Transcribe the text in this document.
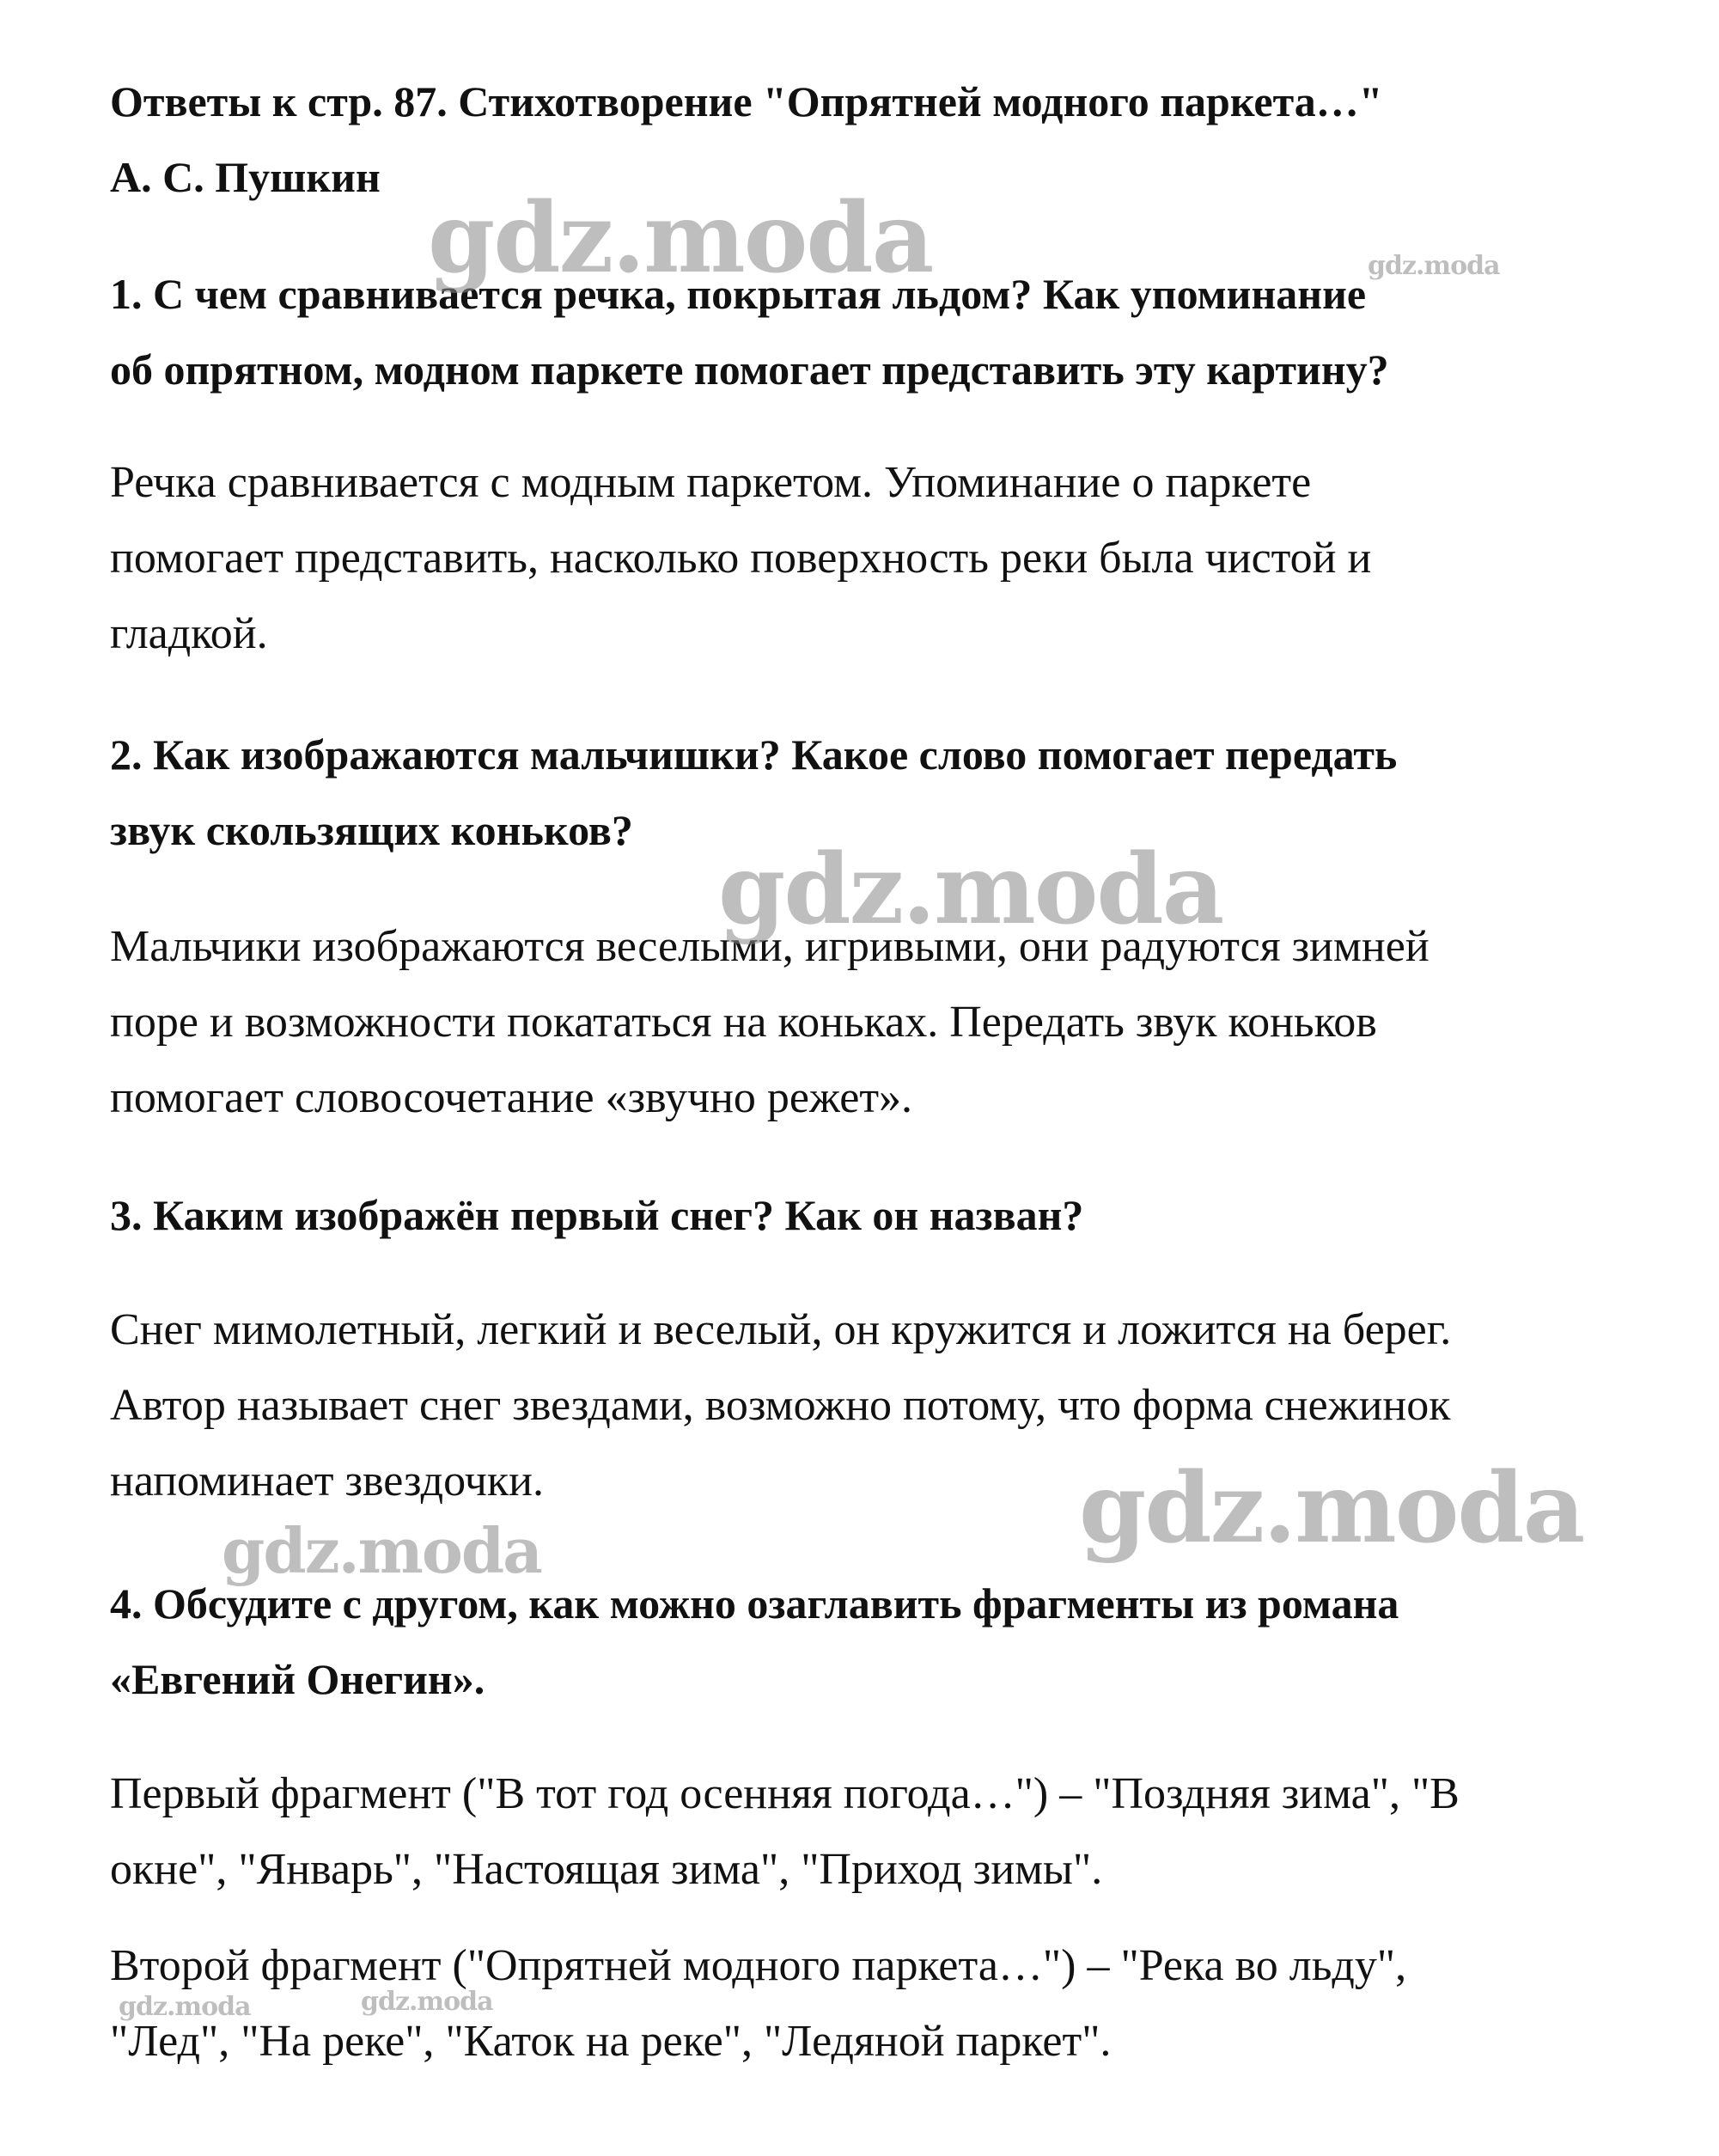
Ответы к стр. 87. Стихотворение "Опрятней модного паркета…"
А. С. Пушкин
1. С чем сравнивается речка, покрытая льдом? Как упоминание
об опрятном, модном паркете помогает представить эту картину?
Речка сравнивается с модным паркетом. Упоминание о паркете
помогает представить, насколько поверхность реки была чистой и
гладкой.
2. Как изображаются мальчишки? Какое слово помогает передать
звук скользящих коньков?
Мальчики изображаются веселыми, игривыми, они радуются зимней
поре и возможности покататься на коньках. Передать звук коньков
помогает словосочетание «звучно режет».
3. Каким изображён первый снег? Как он назван?
Снег мимолетный, легкий и веселый, он кружится и ложится на берег.
Автор называет снег звездами, возможно потому, что форма снежинок
напоминает звездочки.
4. Обсудите с другом, как можно озаглавить фрагменты из романа
«Евгений Онегин».
Первый фрагмент ("В тот год осенняя погода…") – "Поздняя зима", "В
окне", "Январь", "Настоящая зима", "Приход зимы".
Второй фрагмент ("Опрятней модного паркета…") – "Река во льду",
"Лед", "На реке", "Каток на реке", "Ледяной паркет".
gdz.moda	gdz.moda
gdz.moda
gdz.moda
gdz.moda
gdz.moda	gdz.moda
